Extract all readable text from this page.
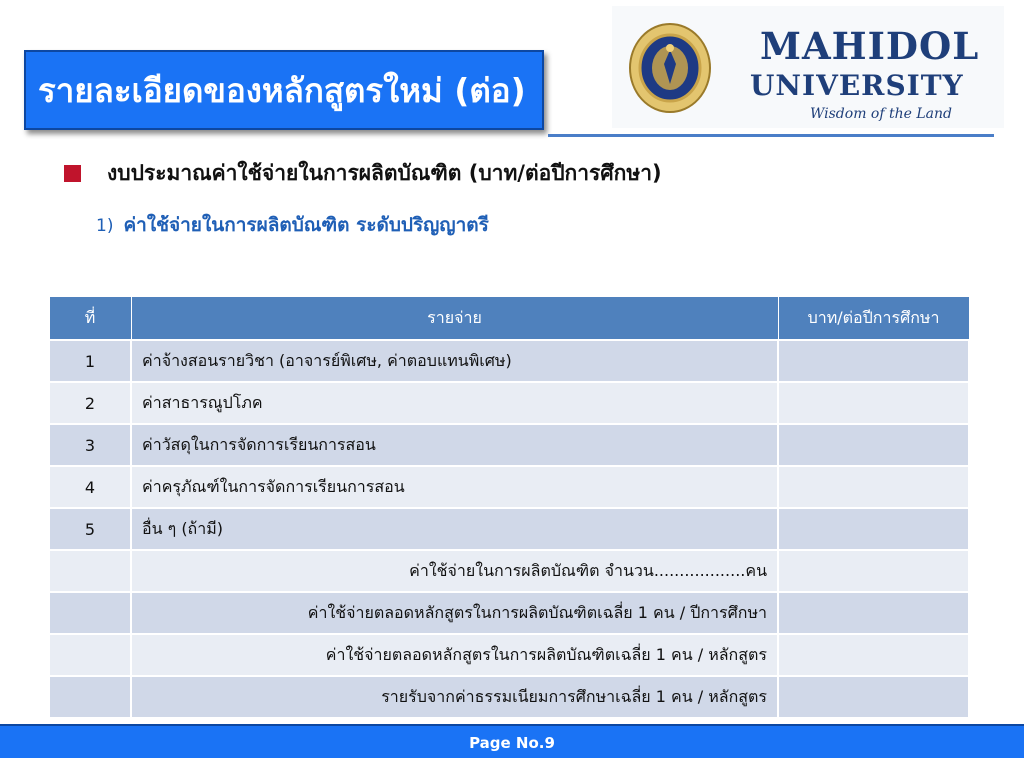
รายละเอียดของหลักสูตรใหม่ (ต่อ)
MAHIDOL
UNIVERSITY
Wisdom of the Land
งบประมาณค่าใช้จ่ายในการผลิตบัณฑิต (บาท/ต่อปีการศึกษา)
1) ค่าใช้จ่ายในการผลิตบัณฑิต ระดับปริญญาตรี
ที่	รายจ่าย	บาท/ต่อปีการศึกษา
1	ค่าจ้างสอนรายวิชา (อาจารย์พิเศษ, ค่าตอบแทนพิเศษ)	
2	ค่าสาธารณูปโภค	
3	ค่าวัสดุในการจัดการเรียนการสอน	
4	ค่าครุภัณฑ์ในการจัดการเรียนการสอน	
5	อื่น ๆ (ถ้ามี)	
	ค่าใช้จ่ายในการผลิตบัณฑิต จำนวน..................คน	
	ค่าใช้จ่ายตลอดหลักสูตรในการผลิตบัณฑิตเฉลี่ย 1 คน / ปีการศึกษา	
	ค่าใช้จ่ายตลอดหลักสูตรในการผลิตบัณฑิตเฉลี่ย 1 คน / หลักสูตร	
	รายรับจากค่าธรรมเนียมการศึกษาเฉลี่ย 1 คน / หลักสูตร	
Page No.9
